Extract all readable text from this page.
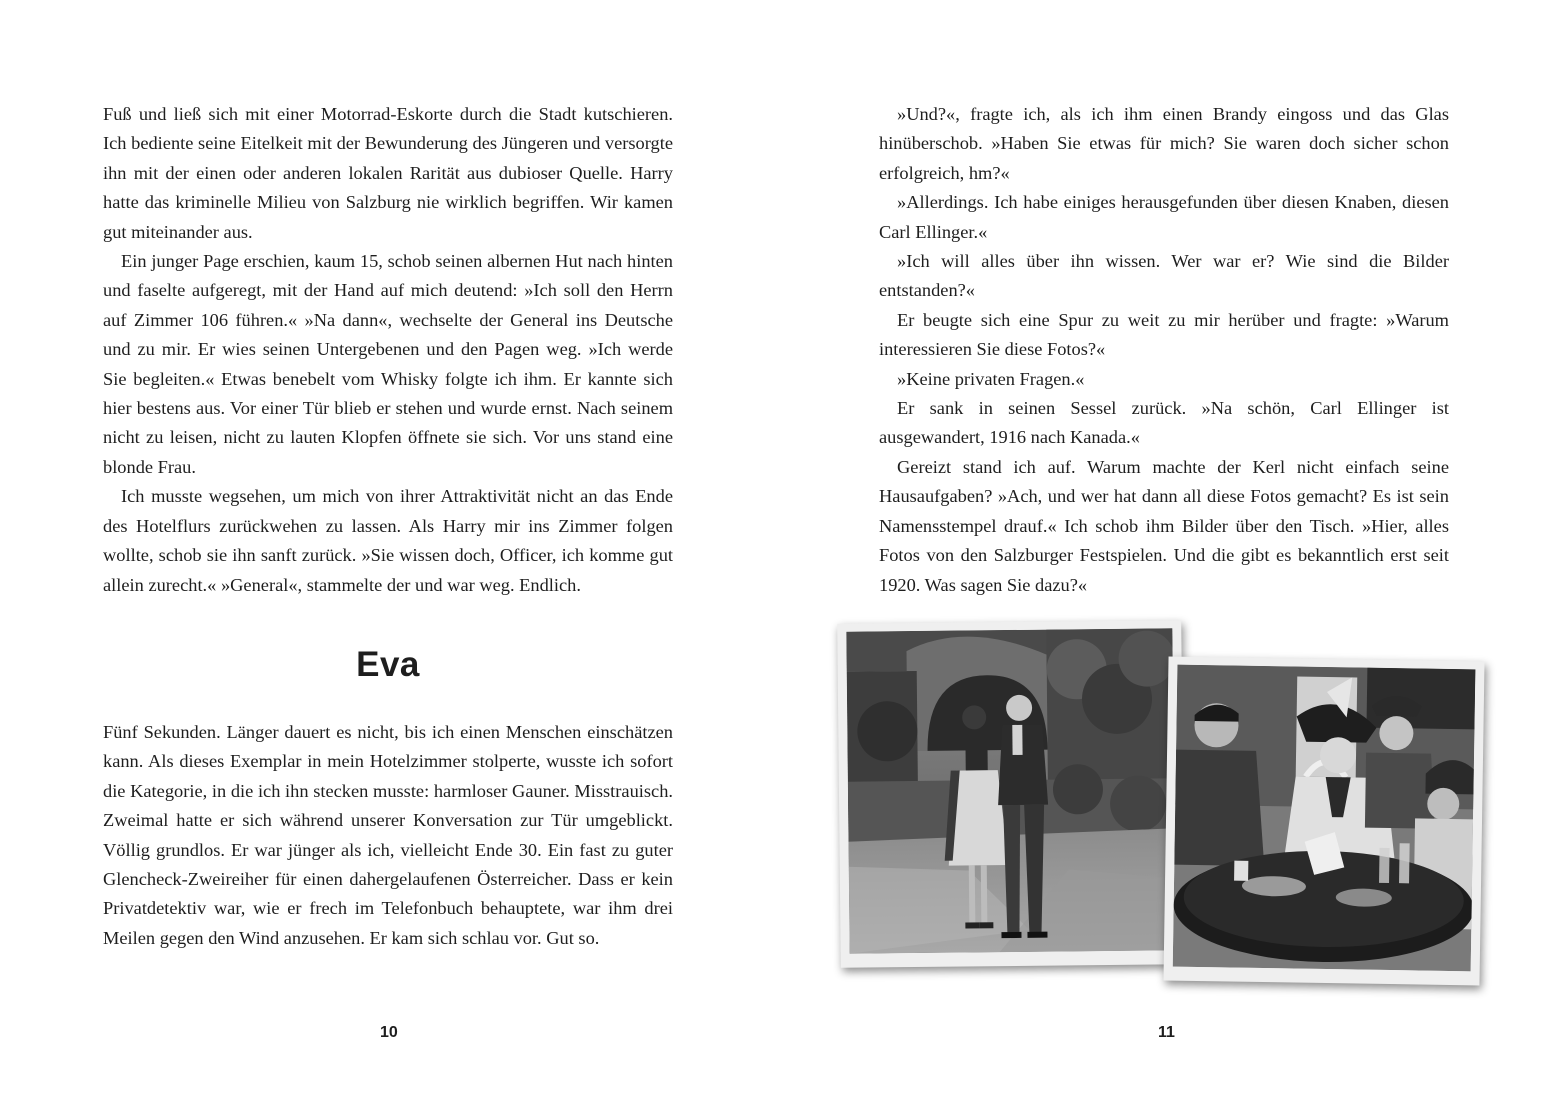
Fuß und ließ sich mit einer Motorrad-Eskorte durch die Stadt kutschieren. Ich bediente seine Eitelkeit mit der Bewunderung des Jüngeren und versorgte ihn mit der einen oder anderen lokalen Rarität aus dubioser Quelle. Harry hatte das kriminelle Milieu von Salzburg nie wirklich begriffen. Wir kamen gut miteinander aus.

Ein junger Page erschien, kaum 15, schob seinen albernen Hut nach hinten und faselte aufgeregt, mit der Hand auf mich deutend: »Ich soll den Herrn auf Zimmer 106 führen.« »Na dann«, wechselte der General ins Deutsche und zu mir. Er wies seinen Untergebenen und den Pagen weg. »Ich werde Sie begleiten.« Etwas benebelt vom Whisky folgte ich ihm. Er kannte sich hier bestens aus. Vor einer Tür blieb er stehen und wurde ernst. Nach seinem nicht zu leisen, nicht zu lauten Klopfen öffnete sie sich. Vor uns stand eine blonde Frau.

Ich musste wegsehen, um mich von ihrer Attraktivität nicht an das Ende des Hotelflurs zurückwehen zu lassen. Als Harry mir ins Zimmer folgen wollte, schob sie ihn sanft zurück. »Sie wissen doch, Officer, ich komme gut allein zurecht.« »General«, stammelte der und war weg. Endlich.

Eva

Fünf Sekunden. Länger dauert es nicht, bis ich einen Menschen einschätzen kann. Als dieses Exemplar in mein Hotelzimmer stolperte, wusste ich sofort die Kategorie, in die ich ihn stecken musste: harmloser Gauner. Misstrauisch. Zweimal hatte er sich während unserer Konversation zur Tür umgeblickt. Völlig grundlos. Er war jünger als ich, vielleicht Ende 30. Ein fast zu guter Glencheck-Zweireiher für einen dahergelaufenen Österreicher. Dass er kein Privatdetektiv war, wie er frech im Telefonbuch behauptete, war ihm drei Meilen gegen den Wind anzusehen. Er kam sich schlau vor. Gut so.

10

»Und?«, fragte ich, als ich ihm einen Brandy eingoss und das Glas hinüberschob. »Haben Sie etwas für mich? Sie waren doch sicher schon erfolgreich, hm?«

»Allerdings. Ich habe einiges herausgefunden über diesen Knaben, diesen Carl Ellinger.«

»Ich will alles über ihn wissen. Wer war er? Wie sind die Bilder entstanden?«

Er beugte sich eine Spur zu weit zu mir herüber und fragte: »Warum interessieren Sie diese Fotos?«

»Keine privaten Fragen.«

Er sank in seinen Sessel zurück. »Na schön, Carl Ellinger ist ausgewandert, 1916 nach Kanada.«

Gereizt stand ich auf. Warum machte der Kerl nicht einfach seine Hausaufgaben? »Ach, und wer hat dann all diese Fotos gemacht? Es ist sein Namensstempel drauf.« Ich schob ihm Bilder über den Tisch. »Hier, alles Fotos von den Salzburger Festspielen. Und die gibt es bekanntlich erst seit 1920. Was sagen Sie dazu?«

11
